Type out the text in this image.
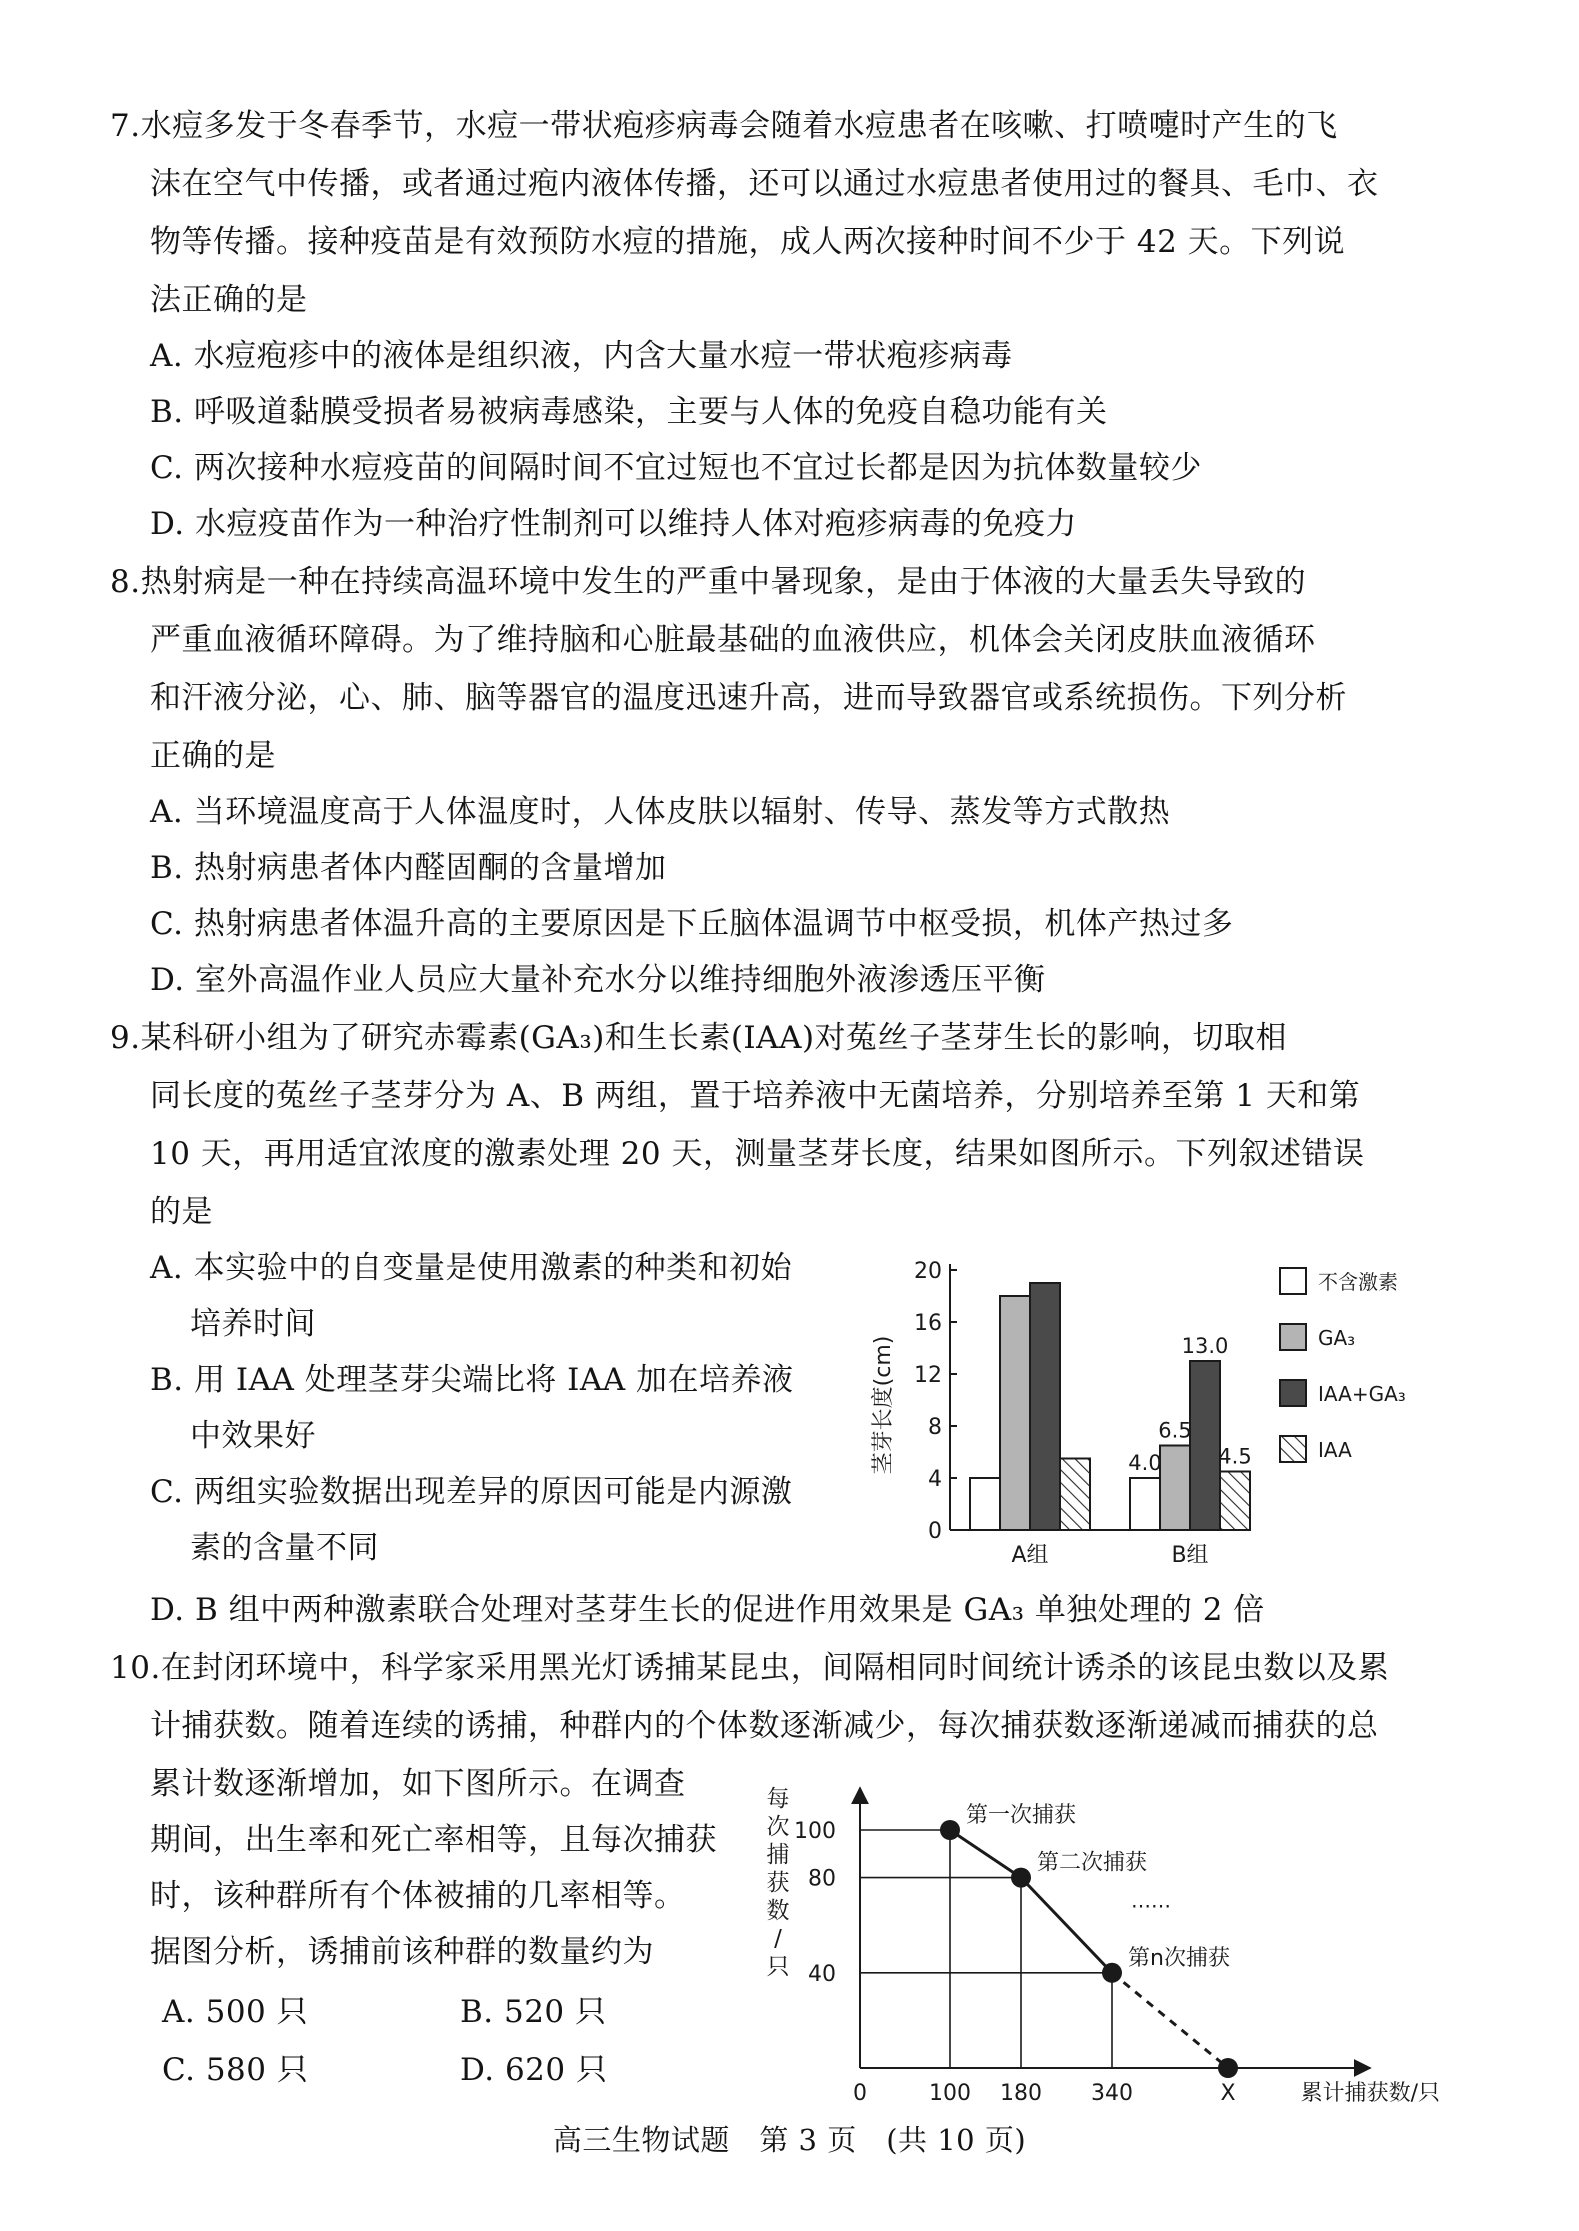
7.水痘多发于冬春季节，水痘一带状疱疹病毒会随着水痘患者在咳嗽、打喷嚏时产生的飞
沫在空气中传播，或者通过疱内液体传播，还可以通过水痘患者使用过的餐具、毛巾、衣
物等传播。接种疫苗是有效预防水痘的措施，成人两次接种时间不少于 42 天。下列说
法正确的是
A. 水痘疱疹中的液体是组织液，内含大量水痘一带状疱疹病毒
B. 呼吸道黏膜受损者易被病毒感染，主要与人体的免疫自稳功能有关
C. 两次接种水痘疫苗的间隔时间不宜过短也不宜过长都是因为抗体数量较少
D. 水痘疫苗作为一种治疗性制剂可以维持人体对疱疹病毒的免疫力
8.热射病是一种在持续高温环境中发生的严重中暑现象，是由于体液的大量丢失导致的
严重血液循环障碍。为了维持脑和心脏最基础的血液供应，机体会关闭皮肤血液循环
和汗液分泌，心、肺、脑等器官的温度迅速升高，进而导致器官或系统损伤。下列分析
正确的是
A. 当环境温度高于人体温度时，人体皮肤以辐射、传导、蒸发等方式散热
B. 热射病患者体内醛固酮的含量增加
C. 热射病患者体温升高的主要原因是下丘脑体温调节中枢受损，机体产热过多
D. 室外高温作业人员应大量补充水分以维持细胞外液渗透压平衡
9.某科研小组为了研究赤霉素(GA₃)和生长素(IAA)对菟丝子茎芽生长的影响，切取相
同长度的菟丝子茎芽分为 A、B 两组，置于培养液中无菌培养，分别培养至第 1 天和第
10 天，再用适宜浓度的激素处理 20 天，测量茎芽长度，结果如图所示。下列叙述错误
的是
A. 本实验中的自变量是使用激素的种类和初始
培养时间
B. 用 IAA 处理茎芽尖端比将 IAA 加在培养液
中效果好
C. 两组实验数据出现差异的原因可能是内源激
素的含量不同
D. B 组中两种激素联合处理对茎芽生长的促进作用效果是 GA₃ 单独处理的 2 倍
0
4
8
12
16
20
A组	B组
4.0
6.5
13.0
4.5
茎芽长度(cm)
不含激素
GA₃
IAA+GA₃
IAA
10.在封闭环境中，科学家采用黑光灯诱捕某昆虫，间隔相同时间统计诱杀的该昆虫数以及累
计捕获数。随着连续的诱捕，种群内的个体数逐渐减少，每次捕获数逐渐递减而捕获的总
累计数逐渐增加，如下图所示。在调查
期间，出生率和死亡率相等，且每次捕获
时，该种群所有个体被捕的几率相等。
据图分析，诱捕前该种群的数量约为
A. 500 只	B. 520 只
C. 580 只	D. 620 只
每
次
捕
获
数
/
只 40
80
100
0	100 180 340	X	累计捕获数/只
第一次捕获
第二次捕获
第n次捕获
……
高三生物试题　第 3 页　(共 10 页)
